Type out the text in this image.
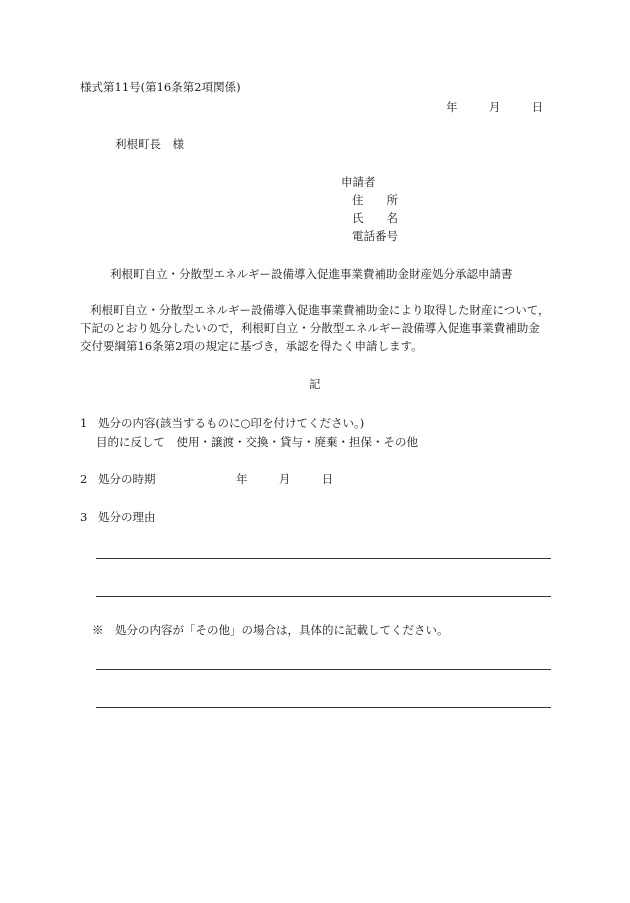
様式第11号(第16条第2項関係)
年	月	日
利根町長　様
申請者
住　　所
氏　　名
電話番号
利根町自立・分散型エネルギー設備導入促進事業費補助金財産処分承認申請書
利根町自立・分散型エネルギー設備導入促進事業費補助金により取得した財産について，
下記のとおり処分したいので，利根町自立・分散型エネルギー設備導入促進事業費補助金
交付要綱第16条第2項の規定に基づき，承認を得たく申請します。
記
1 処分の内容(該当するものに○印を付けてください。)
目的に反して　使用・譲渡・交換・貸与・廃棄・担保・その他
2 処分の時期	年	月	日
3 処分の理由
※　処分の内容が「その他」の場合は，具体的に記載してください。
